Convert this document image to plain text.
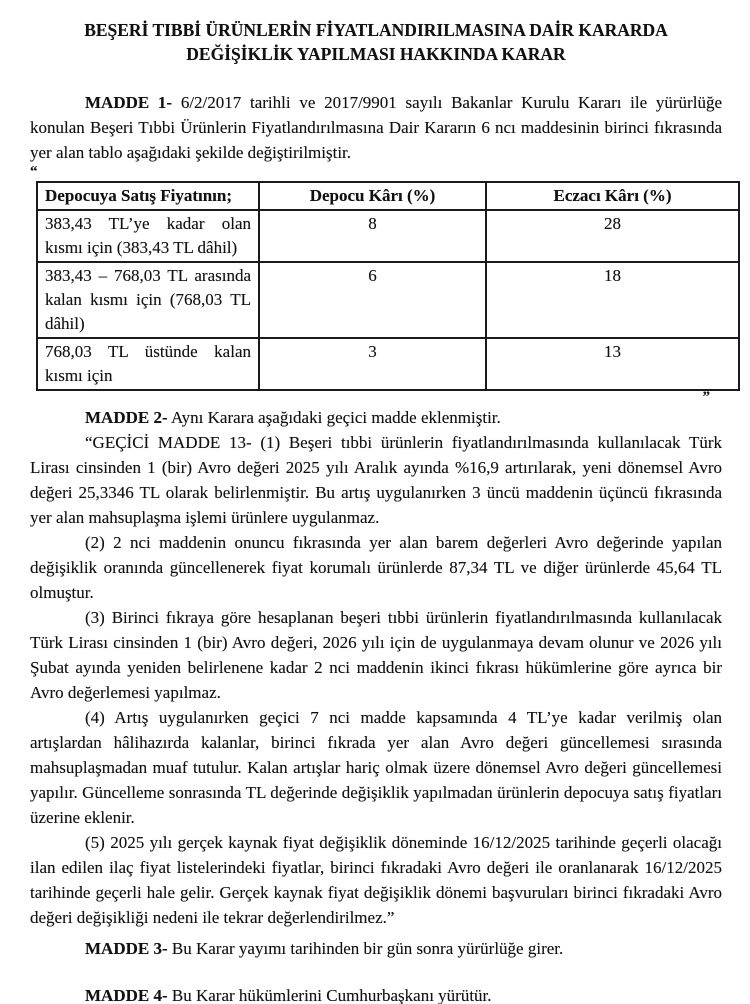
BEŞERİ TIBBİ ÜRÜNLERİN FİYATLANDIRILMASINA DAİR KARARDA
DEĞİŞİKLİK YAPILMASI HAKKINDA KARAR

MADDE 1- 6/2/2017 tarihli ve 2017/9901 sayılı Bakanlar Kurulu Kararı ile yürürlüğe konulan Beşeri Tıbbi Ürünlerin Fiyatlandırılmasına Dair Kararın 6 ncı maddesinin birinci fıkrasında yer alan tablo aşağıdaki şekilde değiştirilmiştir.

“
Depocuya Satış Fiyatının;	Depocu Kârı (%)	Eczacı Kârı (%)
383,43 TL’ye kadar olan kısmı için (383,43 TL dâhil)	8	28
383,43 – 768,03 TL arasında kalan kısmı için (768,03 TL dâhil)	6	18
768,03 TL üstünde kalan kısmı için	3	13
”

MADDE 2- Aynı Karara aşağıdaki geçici madde eklenmiştir.

“GEÇİCİ MADDE 13- (1) Beşeri tıbbi ürünlerin fiyatlandırılmasında kullanılacak Türk Lirası cinsinden 1 (bir) Avro değeri 2025 yılı Aralık ayında %16,9 artırılarak, yeni dönemsel Avro değeri 25,3346 TL olarak belirlenmiştir. Bu artış uygulanırken 3 üncü maddenin üçüncü fıkrasında yer alan mahsuplaşma işlemi ürünlere uygulanmaz.

(2) 2 nci maddenin onuncu fıkrasında yer alan barem değerleri Avro değerinde yapılan değişiklik oranında güncellenerek fiyat korumalı ürünlerde 87,34 TL ve diğer ürünlerde 45,64 TL olmuştur.

(3) Birinci fıkraya göre hesaplanan beşeri tıbbi ürünlerin fiyatlandırılmasında kullanılacak Türk Lirası cinsinden 1 (bir) Avro değeri, 2026 yılı için de uygulanmaya devam olunur ve 2026 yılı Şubat ayında yeniden belirlenene kadar 2 nci maddenin ikinci fıkrası hükümlerine göre ayrıca bir Avro değerlemesi yapılmaz.

(4) Artış uygulanırken geçici 7 nci madde kapsamında 4 TL’ye kadar verilmiş olan artışlardan hâlihazırda kalanlar, birinci fıkrada yer alan Avro değeri güncellemesi sırasında mahsuplaşmadan muaf tutulur. Kalan artışlar hariç olmak üzere dönemsel Avro değeri güncellemesi yapılır. Güncelleme sonrasında TL değerinde değişiklik yapılmadan ürünlerin depocuya satış fiyatları üzerine eklenir.

(5) 2025 yılı gerçek kaynak fiyat değişiklik döneminde 16/12/2025 tarihinde geçerli olacağı ilan edilen ilaç fiyat listelerindeki fiyatlar, birinci fıkradaki Avro değeri ile oranlanarak 16/12/2025 tarihinde geçerli hale gelir. Gerçek kaynak fiyat değişiklik dönemi başvuruları birinci fıkradaki Avro değeri değişikliği nedeni ile tekrar değerlendirilmez.”

MADDE 3- Bu Karar yayımı tarihinden bir gün sonra yürürlüğe girer.

MADDE 4- Bu Karar hükümlerini Cumhurbaşkanı yürütür.
